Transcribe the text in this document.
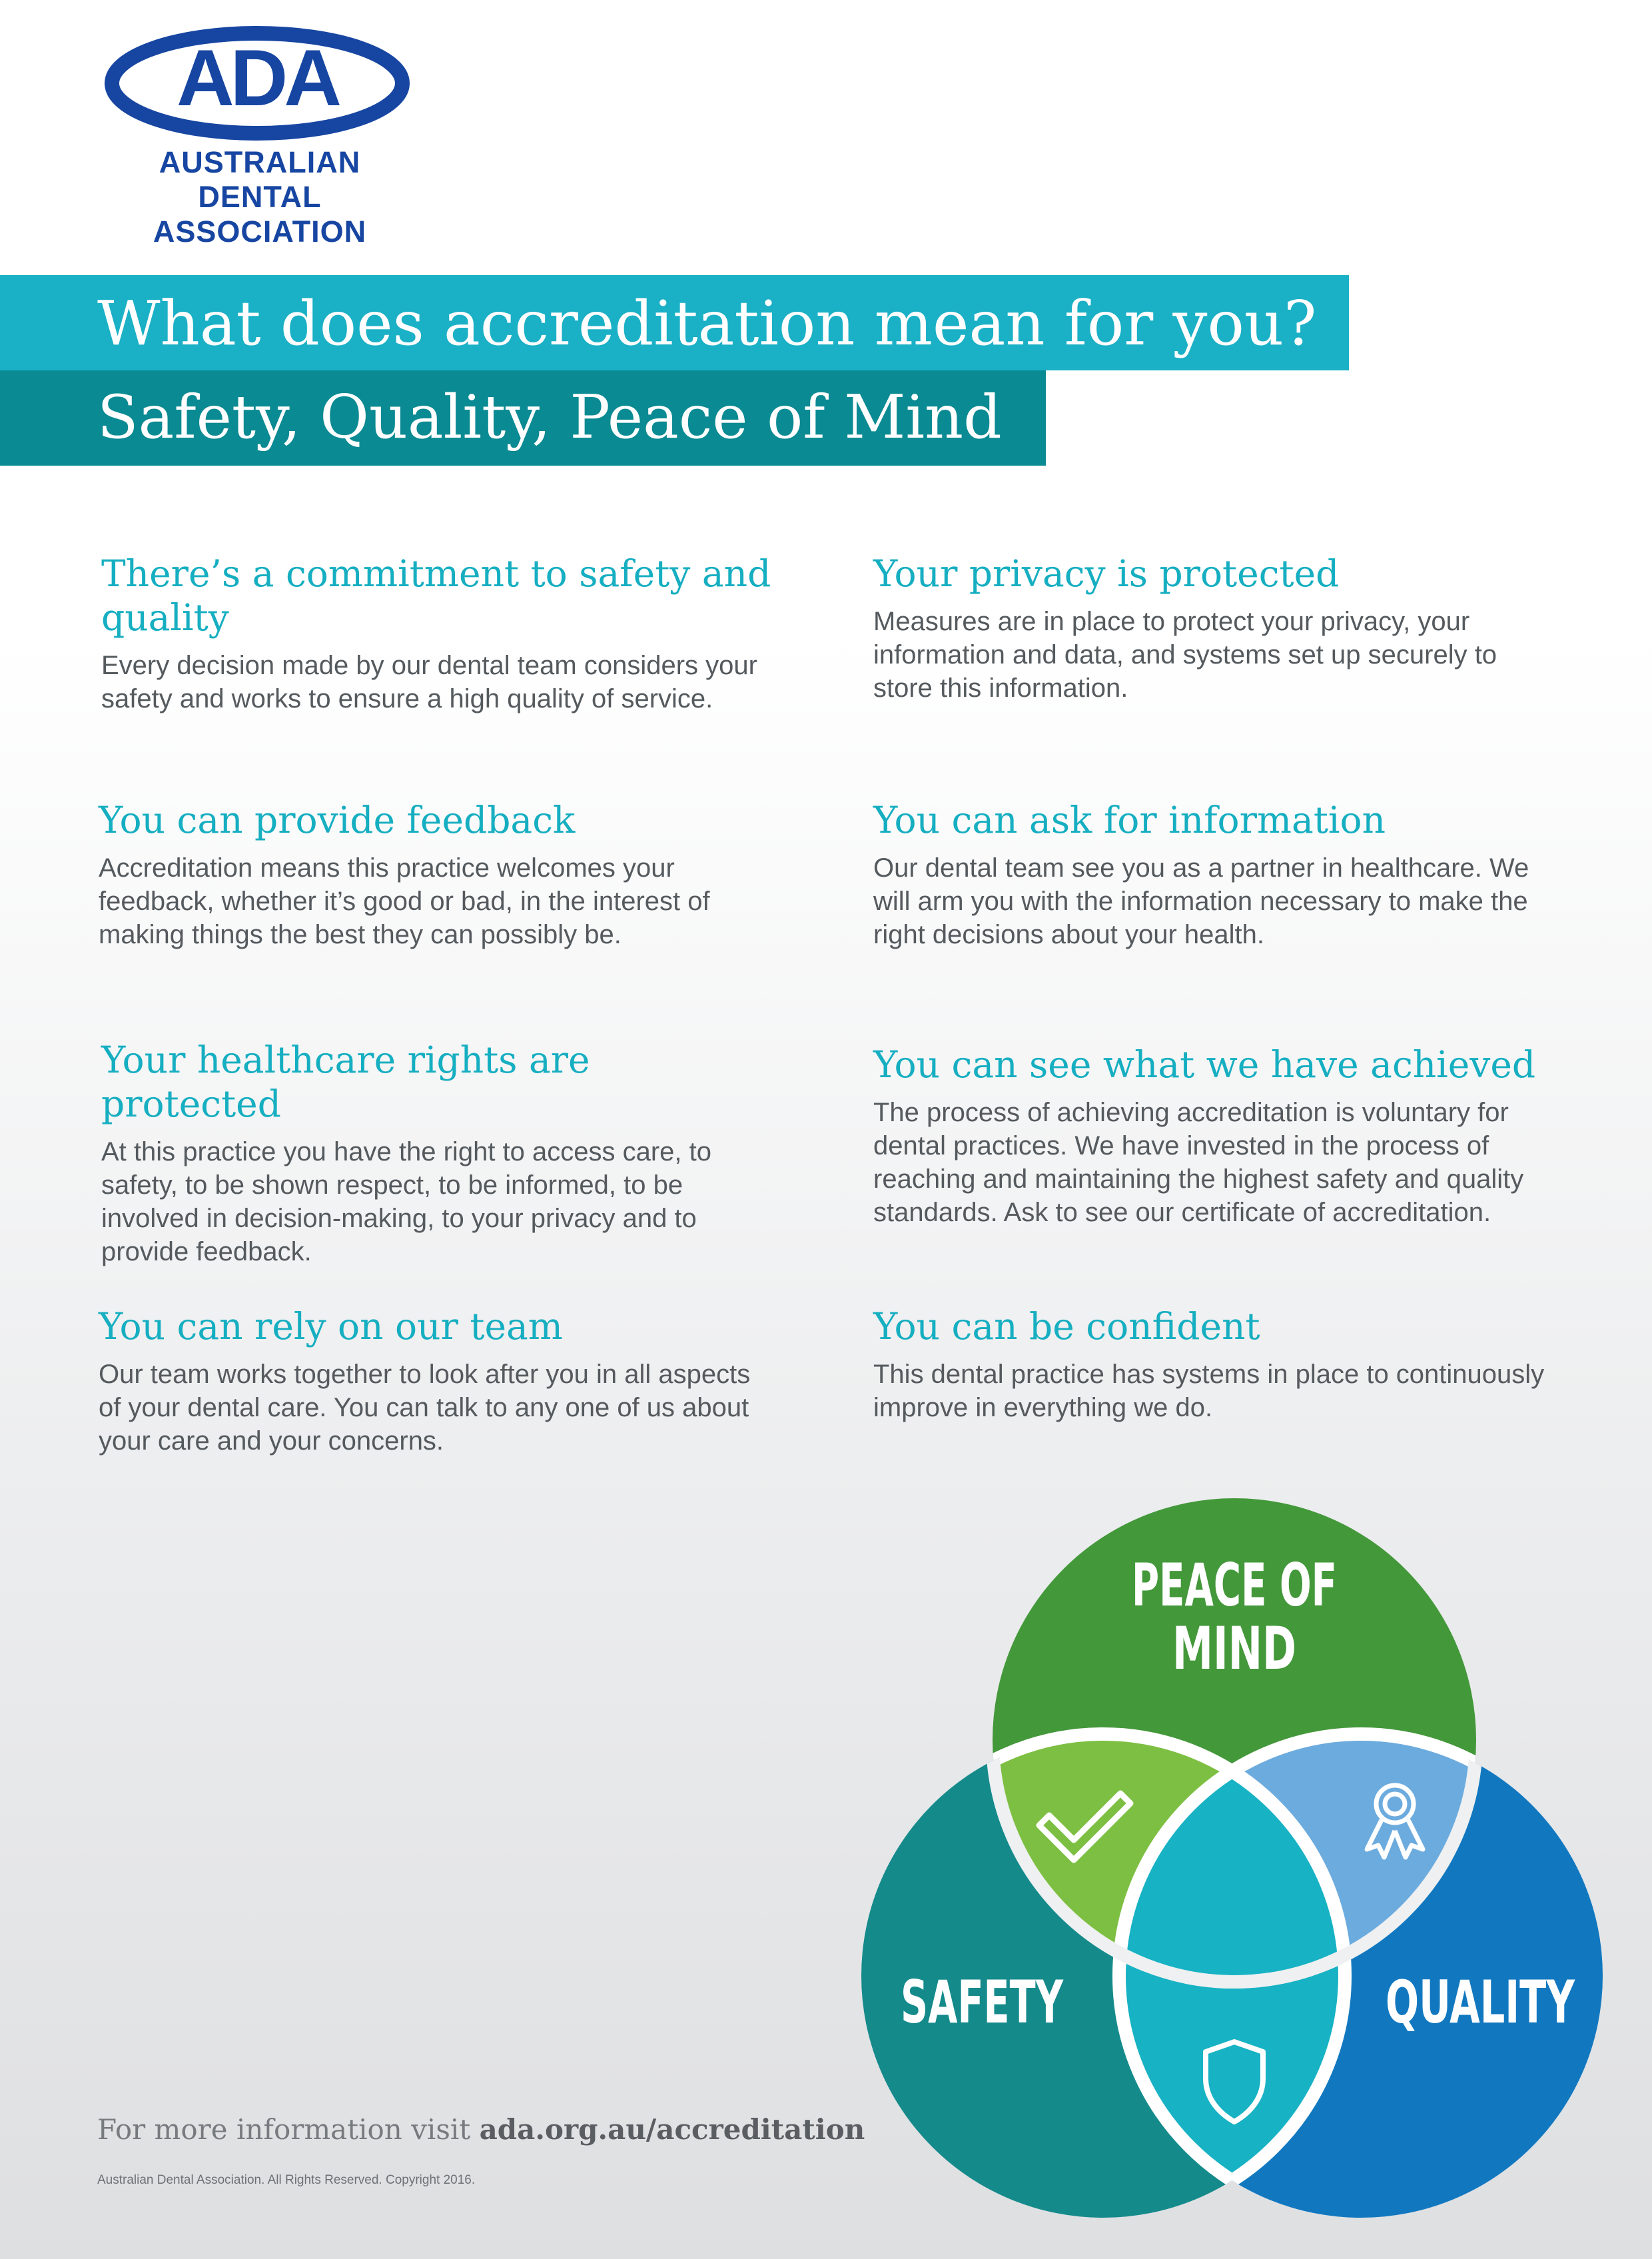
ADA
AUSTRALIAN DENTAL
ASSOCIATION
What does accreditation mean for you?
Safety, Quality, Peace of Mind
There’s a commitment to safety and quality

Every decision made by our dental team considers your safety and works to ensure a high quality of service.

Your privacy is protected

Measures are in place to protect your privacy, your information and data, and systems set up securely to store this information.

You can provide feedback

Accreditation means this practice welcomes your feedback, whether it’s good or bad, in the interest of making things the best they can possibly be.

You can ask for information

Our dental team see you as a partner in healthcare. We will arm you with the information necessary to make the right decisions about your health.

Your healthcare rights are protected

At this practice you have the right to access care, to safety, to be shown respect, to be informed, to be involved in decision-making, to your privacy and to provide feedback.

You can see what we have achieved

The process of achieving accreditation is voluntary for dental practices. We have invested in the process of reaching and maintaining the highest safety and quality standards. Ask to see our certificate of accreditation.

You can rely on our team

Our team works together to look after you in all aspects of your dental care. You can talk to any one of us about your care and your concerns.

You can be confident

This dental practice has systems in place to continuously improve in everything we do.

PEACE OF
MIND
SAFETY	QUALITY
For more information visit ada.org.au/accreditation
Australian Dental Association. All Rights Reserved. Copyright 2016.
